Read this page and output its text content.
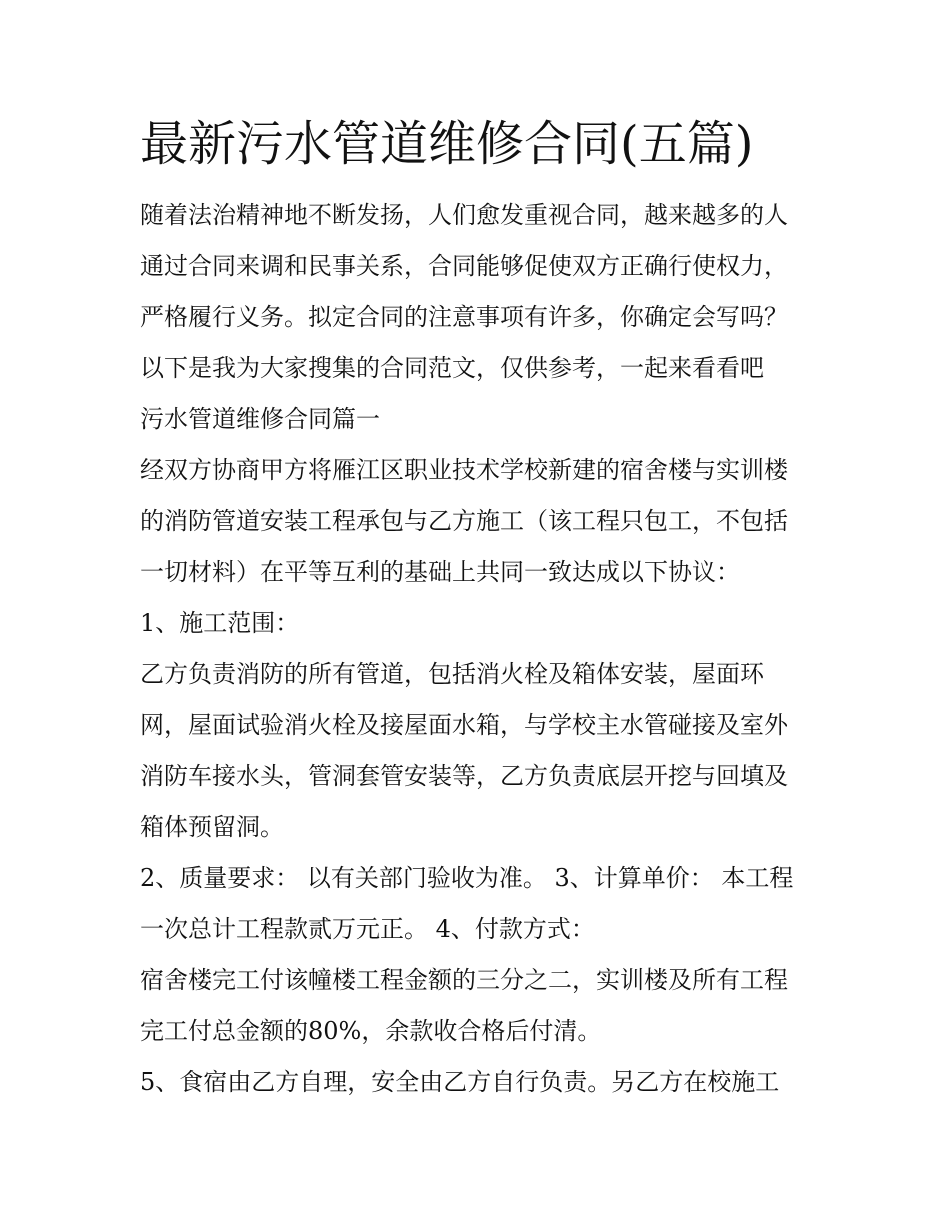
最新污水管道维修合同(五篇)
随着法治精神地不断发扬，人们愈发重视合同，越来越多的人
通过合同来调和民事关系，合同能够促使双方正确行使权力，
严格履行义务。拟定合同的注意事项有许多，你确定会写吗？
以下是我为大家搜集的合同范文，仅供参考，一起来看看吧
污水管道维修合同篇一
经双方协商甲方将雁江区职业技术学校新建的宿舍楼与实训楼
的消防管道安装工程承包与乙方施工（该工程只包工，不包括
一切材料）在平等互利的基础上共同一致达成以下协议：
1、施工范围：
乙方负责消防的所有管道，包括消火栓及箱体安装，屋面环
网，屋面试验消火栓及接屋面水箱，与学校主水管碰接及室外
消防车接水头，管洞套管安装等，乙方负责底层开挖与回填及
箱体预留洞。
2、质量要求： 以有关部门验收为准。 3、计算单价： 本工程
一次总计工程款贰万元正。 4、付款方式：
宿舍楼完工付该幢楼工程金额的三分之二，实训楼及所有工程
完工付总金额的80%，余款收合格后付清。
5、食宿由乙方自理，安全由乙方自行负责。另乙方在校施工
